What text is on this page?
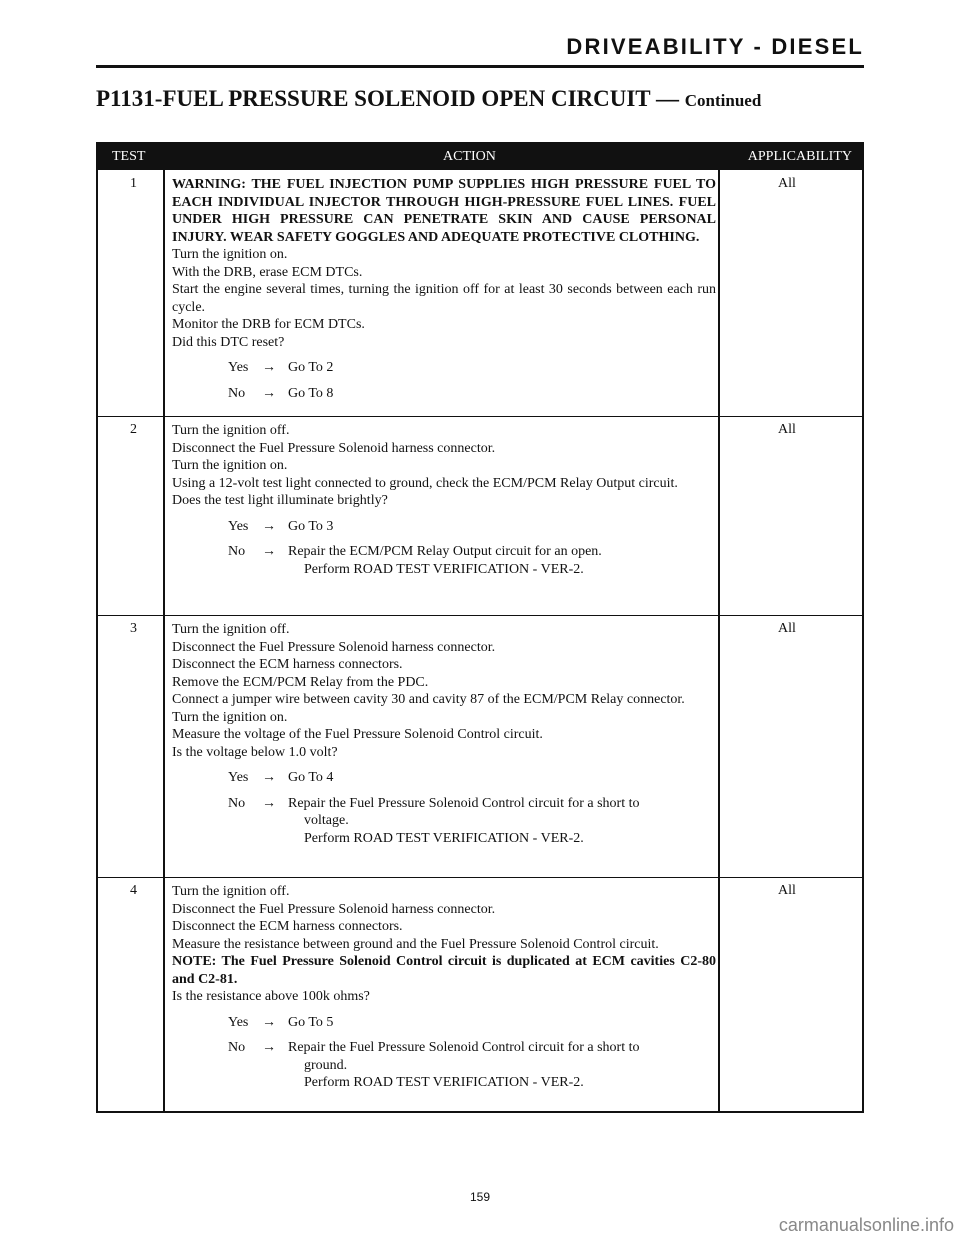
DRIVEABILITY - DIESEL
P1131-FUEL PRESSURE SOLENOID OPEN CIRCUIT — Continued
TEST	ACTION	APPLICABILITY
1	WARNING: THE FUEL INJECTION PUMP SUPPLIES HIGH PRESSURE FUEL TO EACH INDIVIDUAL INJECTOR THROUGH HIGH-PRESSURE FUEL LINES. FUEL UNDER HIGH PRESSURE CAN PENETRATE SKIN AND CAUSE PERSONAL INJURY. WEAR SAFETY GOGGLES AND ADEQUATE PROTECTIVE CLOTHING.

Turn the ignition on.

With the DRB, erase ECM DTCs.

Start the engine several times, turning the ignition off for at least 30 seconds between each run cycle.

Monitor the DRB for ECM DTCs.

Did this DTC reset?

Yes → Go To 2
No → Go To 8
All
2	Turn the ignition off.

Disconnect the Fuel Pressure Solenoid harness connector.

Turn the ignition on.

Using a 12-volt test light connected to ground, check the ECM/PCM Relay Output circuit.

Does the test light illuminate brightly?

Yes → Go To 3
No → Repair the ECM/PCM Relay Output circuit for an open.
Perform ROAD TEST VERIFICATION - VER-2.
All
3	Turn the ignition off.

Disconnect the Fuel Pressure Solenoid harness connector.

Disconnect the ECM harness connectors.

Remove the ECM/PCM Relay from the PDC.

Connect a jumper wire between cavity 30 and cavity 87 of the ECM/PCM Relay connector.

Turn the ignition on.

Measure the voltage of the Fuel Pressure Solenoid Control circuit.

Is the voltage below 1.0 volt?

Yes → Go To 4
No → Repair the Fuel Pressure Solenoid Control circuit for a short to
voltage.
Perform ROAD TEST VERIFICATION - VER-2.
All
4	Turn the ignition off.

Disconnect the Fuel Pressure Solenoid harness connector.

Disconnect the ECM harness connectors.

Measure the resistance between ground and the Fuel Pressure Solenoid Control circuit.

NOTE: The Fuel Pressure Solenoid Control circuit is duplicated at ECM cavities C2-80 and C2-81.

Is the resistance above 100k ohms?

Yes → Go To 5
No → Repair the Fuel Pressure Solenoid Control circuit for a short to
ground.
Perform ROAD TEST VERIFICATION - VER-2.
All
159
carmanualsonline.info
